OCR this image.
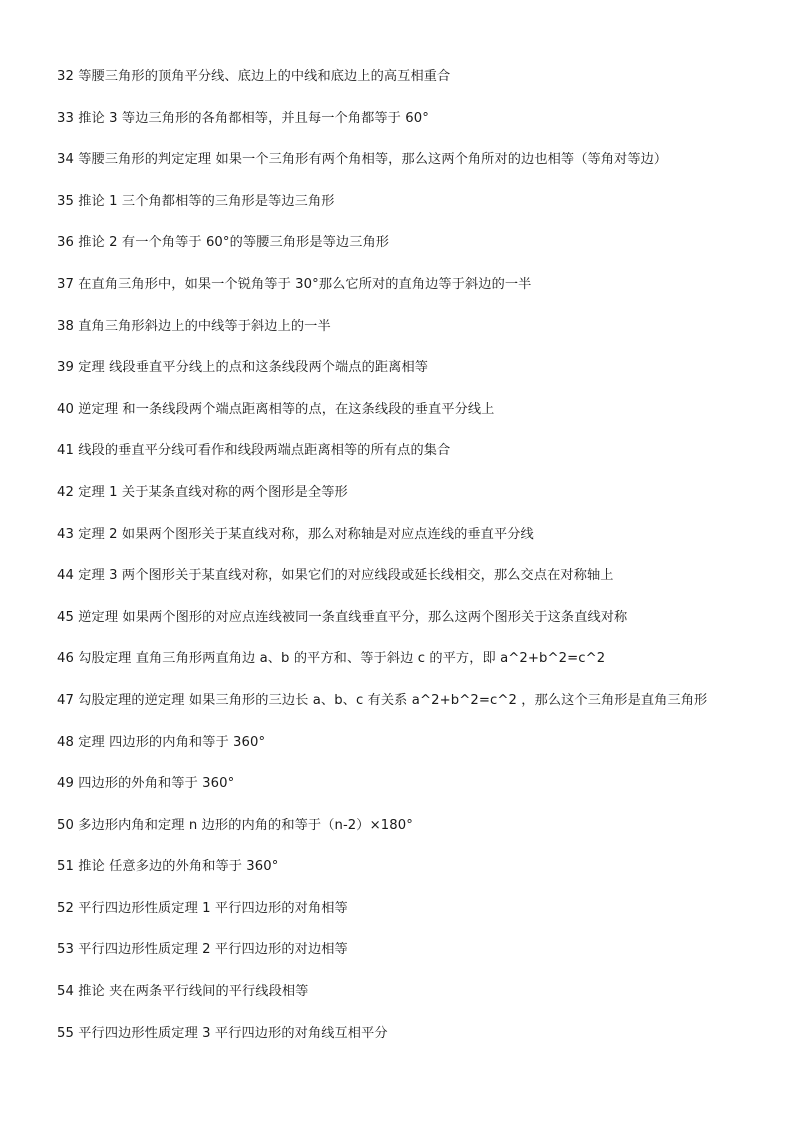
32 等腰三角形的顶角平分线、底边上的中线和底边上的高互相重合
33 推论 3 等边三角形的各角都相等，并且每一个角都等于 60°
34 等腰三角形的判定定理 如果一个三角形有两个角相等，那么这两个角所对的边也相等（等角对等边）
35 推论 1 三个角都相等的三角形是等边三角形
36 推论 2 有一个角等于 60°的等腰三角形是等边三角形
37 在直角三角形中，如果一个锐角等于 30°那么它所对的直角边等于斜边的一半
38 直角三角形斜边上的中线等于斜边上的一半
39 定理 线段垂直平分线上的点和这条线段两个端点的距离相等
40 逆定理 和一条线段两个端点距离相等的点，在这条线段的垂直平分线上
41 线段的垂直平分线可看作和线段两端点距离相等的所有点的集合
42 定理 1 关于某条直线对称的两个图形是全等形
43 定理 2 如果两个图形关于某直线对称，那么对称轴是对应点连线的垂直平分线
44 定理 3 两个图形关于某直线对称，如果它们的对应线段或延长线相交，那么交点在对称轴上
45 逆定理 如果两个图形的对应点连线被同一条直线垂直平分，那么这两个图形关于这条直线对称
46 勾股定理 直角三角形两直角边 a、b 的平方和、等于斜边 c 的平方，即 a^2+b^2=c^2
47 勾股定理的逆定理 如果三角形的三边长 a、b、c 有关系 a^2+b^2=c^2 ，那么这个三角形是直角三角形
48 定理 四边形的内角和等于 360°
49 四边形的外角和等于 360°
50 多边形内角和定理 n 边形的内角的和等于（n-2）×180°
51 推论 任意多边的外角和等于 360°
52 平行四边形性质定理 1 平行四边形的对角相等
53 平行四边形性质定理 2 平行四边形的对边相等
54 推论 夹在两条平行线间的平行线段相等
55 平行四边形性质定理 3 平行四边形的对角线互相平分
